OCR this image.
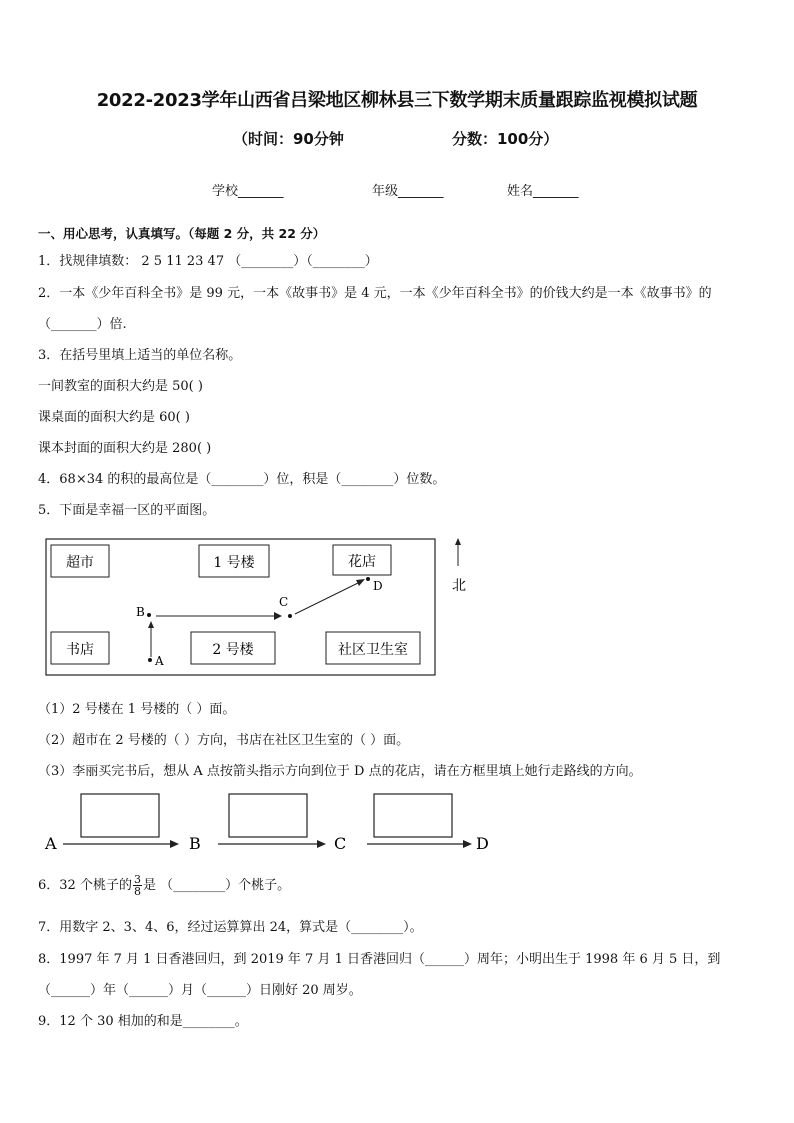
2022-2023学年山西省吕梁地区柳林县三下数学期末质量跟踪监视模拟试题
（时间：90分钟	分数：100分）
学校_______	年级_______	姓名_______
一、用心思考，认真填写。（每题 2 分，共 22 分）
1．找规律填数： 2 5 11 23 47 （________）（________）
2．一本《少年百科全书》是 99 元，一本《故事书》是 4 元，一本《少年百科全书》的价钱大约是一本《故事书》的
（_______）倍.
3．在括号里填上适当的单位名称。
一间教室的面积大约是 50( )
课桌面的面积大约是 60( )
课本封面的面积大约是 280( )
4．68×34 的积的最高位是（________）位，积是（________）位数。
5．下面是幸福一区的平面图。
超市	1 号楼	花店
书店	2 号楼	社区卫生室
A
B
C
D	北
（1）2 号楼在 1 号楼的（ ）面。
（2）超市在 2 号楼的（ ）方向，书店在社区卫生室的（ ）面。
（3）李丽买完书后，想从 A 点按箭头指示方向到位于 D 点的花店，请在方框里填上她行走路线的方向。
A	B	C	D
6．32 个桃子的 $\frac{3}{8}$ 是 （________）个桃子。
7．用数字 2、3、4、6，经过运算算出 24，算式是（________）。
8．1997 年 7 月 1 日香港回归，到 2019 年 7 月 1 日香港回归（______）周年；小明出生于 1998 年 6 月 5 日，到
（______）年（______）月（______）日刚好 20 周岁。
9．12 个 30 相加的和是________。
